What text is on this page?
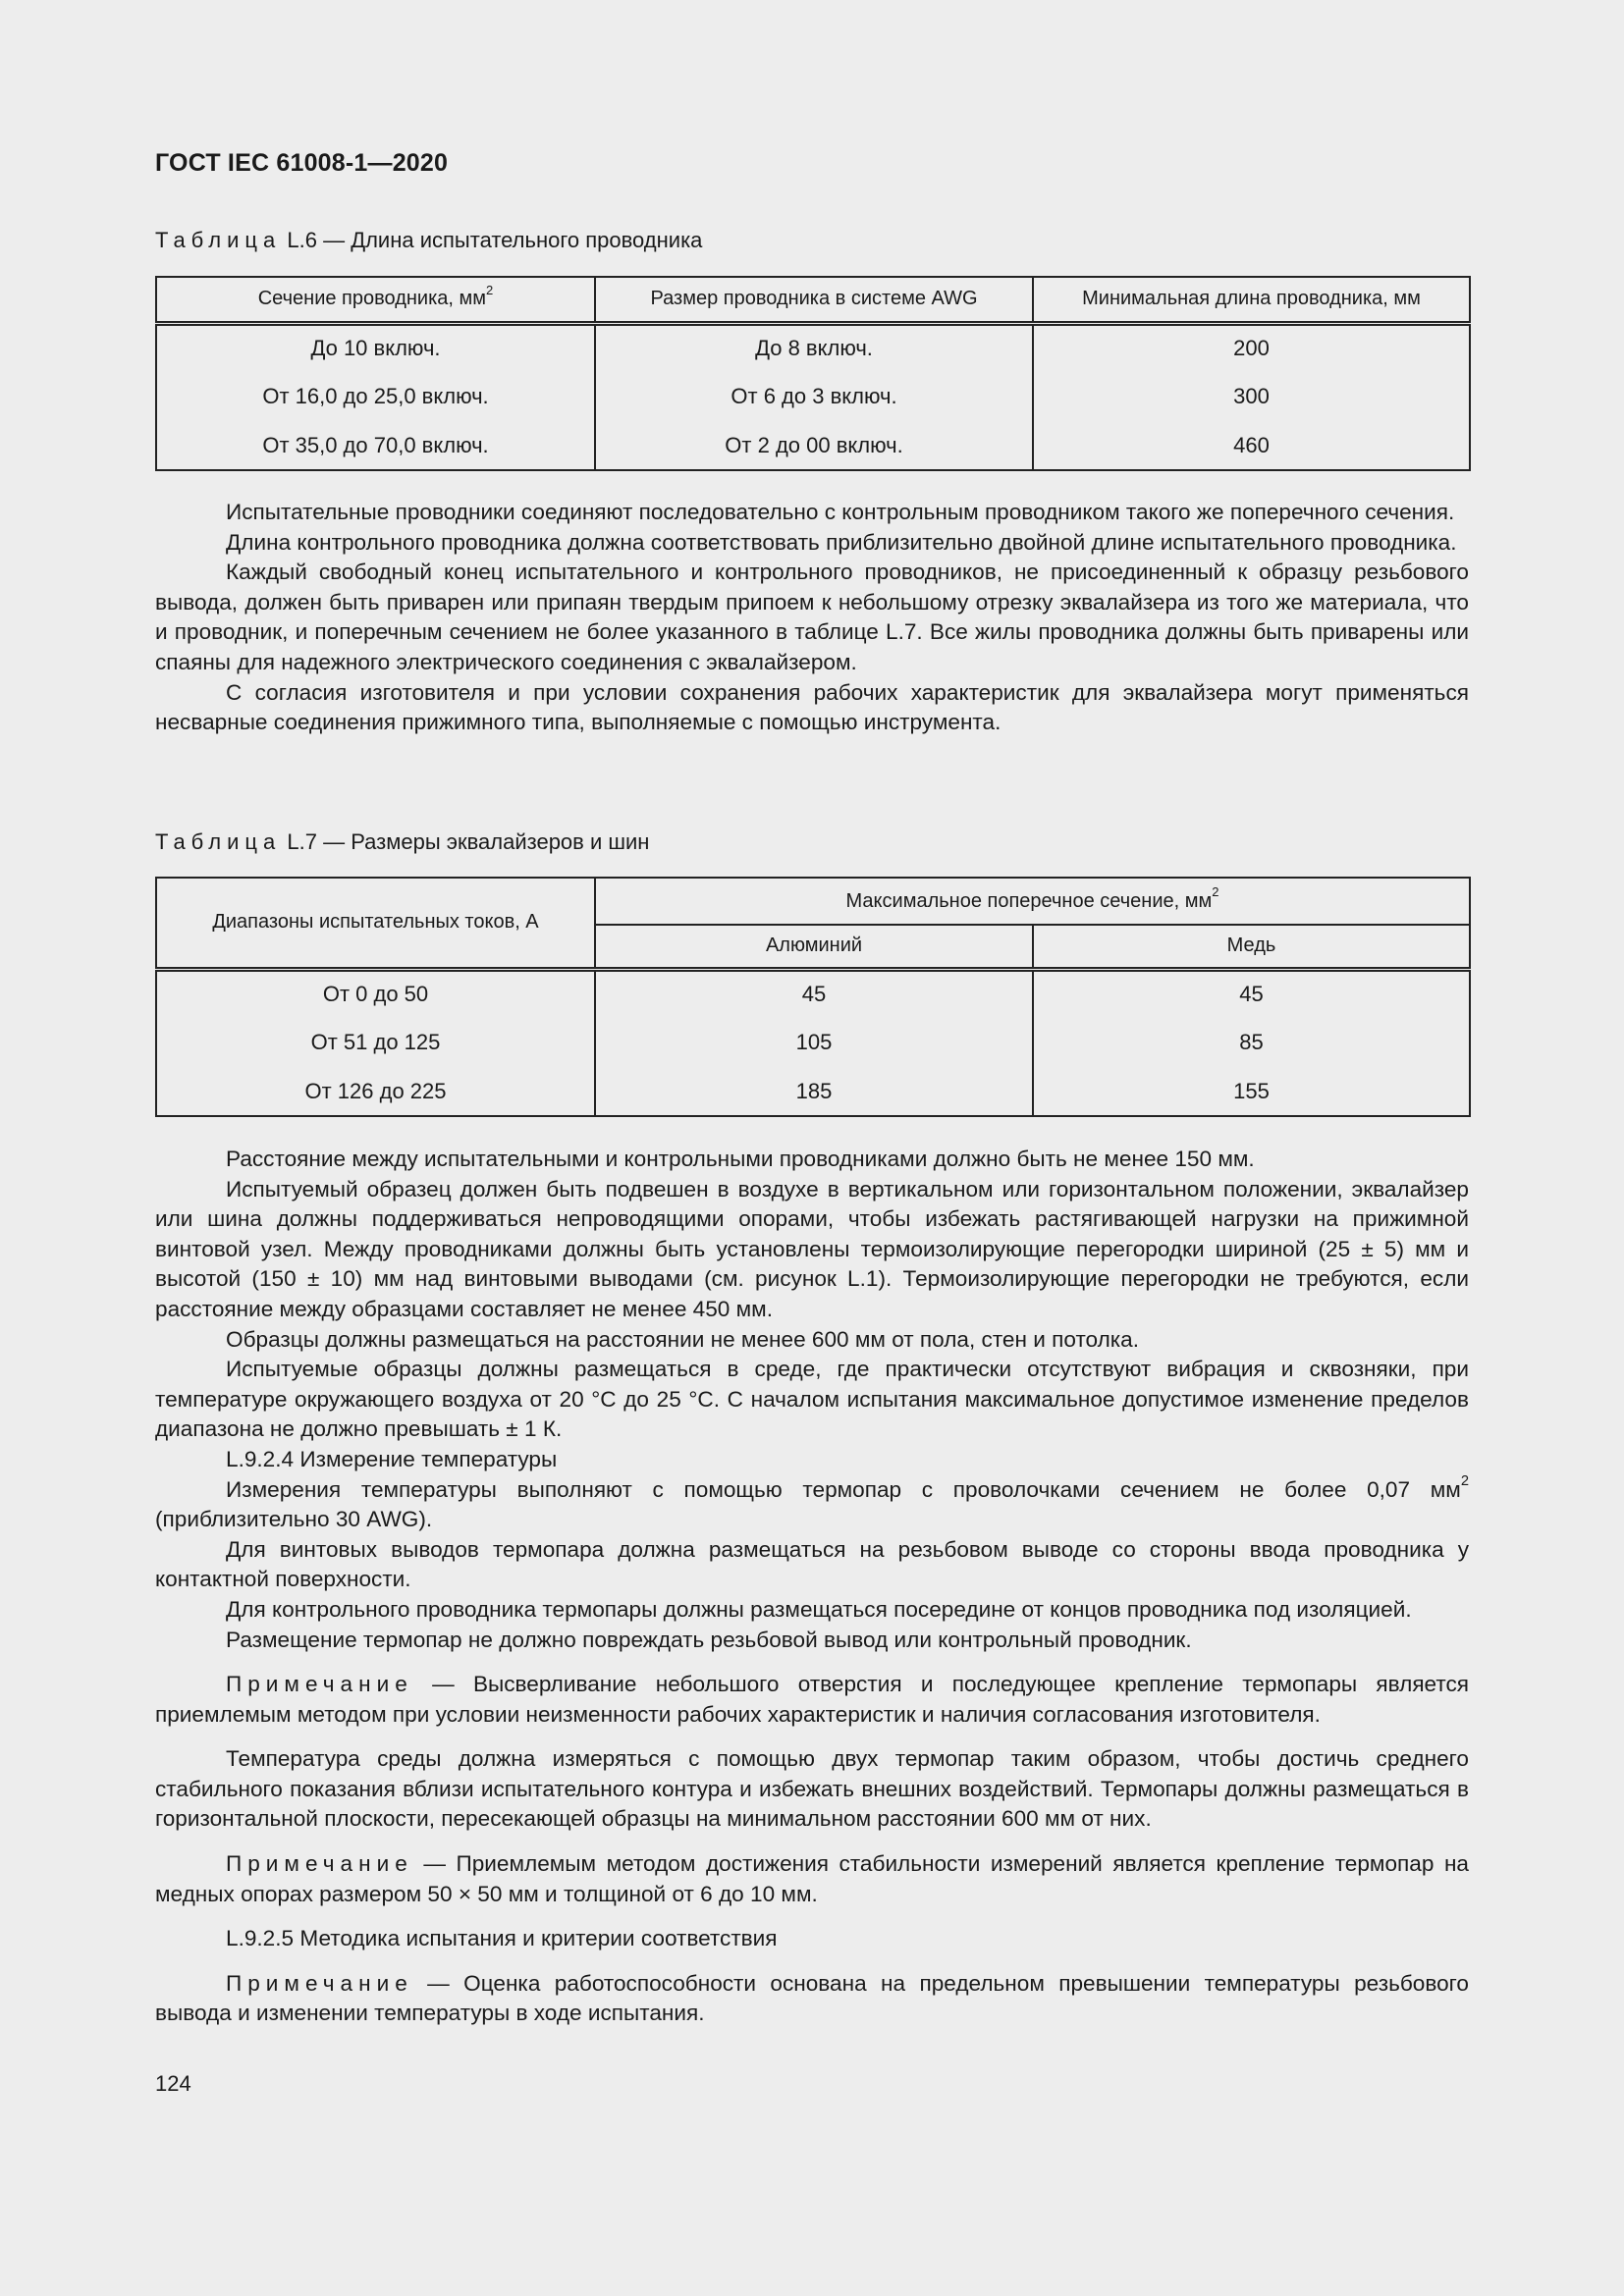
ГОСТ IEC 61008-1—2020
Таблица L.6 — Длина испытательного проводника
Сечение проводника, $мм^2$	Размер проводника в системе AWG	Минимальная длина проводника, мм
До 10 включ.	До 8 включ.	200
От 16,0 до 25,0 включ.	От 6 до 3 включ.	300
От 35,0 до 70,0 включ.	От 2 до 00 включ.	460

Испытательные проводники соединяют последовательно с контрольным проводником такого же поперечного сечения.

Длина контрольного проводника должна соответствовать приблизительно двойной длине испытательного проводника.

Каждый свободный конец испытательного и контрольного проводников, не присоединенный к образцу резьбового вывода, должен быть приварен или припаян твердым припоем к небольшому отрезку эквалайзера из того же материала, что и проводник, и поперечным сечением не более указанного в таблице L.7. Все жилы проводника должны быть приварены или спаяны для надежного электрического соединения с эквалайзером.

С согласия изготовителя и при условии сохранения рабочих характеристик для эквалайзера могут применяться несварные соединения прижимного типа, выполняемые с помощью инструмента.

Таблица L.7 — Размеры эквалайзеров и шин
Диапазоны испытательных токов, А	Максимальное поперечное сечение, $мм^2$
	Алюминий	Медь
От 0 до 50	45	45
От 51 до 125	105	85
От 126 до 225	185	155

Расстояние между испытательными и контрольными проводниками должно быть не менее 150 мм.

Испытуемый образец должен быть подвешен в воздухе в вертикальном или горизонтальном положении, эквалайзер или шина должны поддерживаться непроводящими опорами, чтобы избежать растягивающей нагрузки на прижимной винтовой узел. Между проводниками должны быть установлены термоизолирующие перегородки шириной (25 ± 5) мм и высотой (150 ± 10) мм над винтовыми выводами (см. рисунок L.1). Термоизолирующие перегородки не требуются, если расстояние между образцами составляет не менее 450 мм.

Образцы должны размещаться на расстоянии не менее 600 мм от пола, стен и потолка.

Испытуемые образцы должны размещаться в среде, где практически отсутствуют вибрация и сквозняки, при температуре окружающего воздуха от 20 °С до 25 °С. С началом испытания максимальное допустимое изменение пределов диапазона не должно превышать ± 1 К.

L.9.2.4 Измерение температуры

Измерения температуры выполняют с помощью термопар с проволочками сечением не более 0,07 $мм^2$ (приблизительно 30 AWG).

Для винтовых выводов термопара должна размещаться на резьбовом выводе со стороны ввода проводника у контактной поверхности.

Для контрольного проводника термопары должны размещаться посередине от концов проводника под изоляцией.

Размещение термопар не должно повреждать резьбовой вывод или контрольный проводник.

Примечание — Высверливание небольшого отверстия и последующее крепление термопары является приемлемым методом при условии неизменности рабочих характеристик и наличия согласования изготовителя.

Температура среды должна измеряться с помощью двух термопар таким образом, чтобы достичь среднего стабильного показания вблизи испытательного контура и избежать внешних воздействий. Термопары должны размещаться в горизонтальной плоскости, пересекающей образцы на минимальном расстоянии 600 мм от них.

Примечание — Приемлемым методом достижения стабильности измерений является крепление термопар на медных опорах размером 50 × 50 мм и толщиной от 6 до 10 мм.

L.9.2.5 Методика испытания и критерии соответствия

Примечание — Оценка работоспособности основана на предельном превышении температуры резьбового вывода и изменении температуры в ходе испытания.

124
